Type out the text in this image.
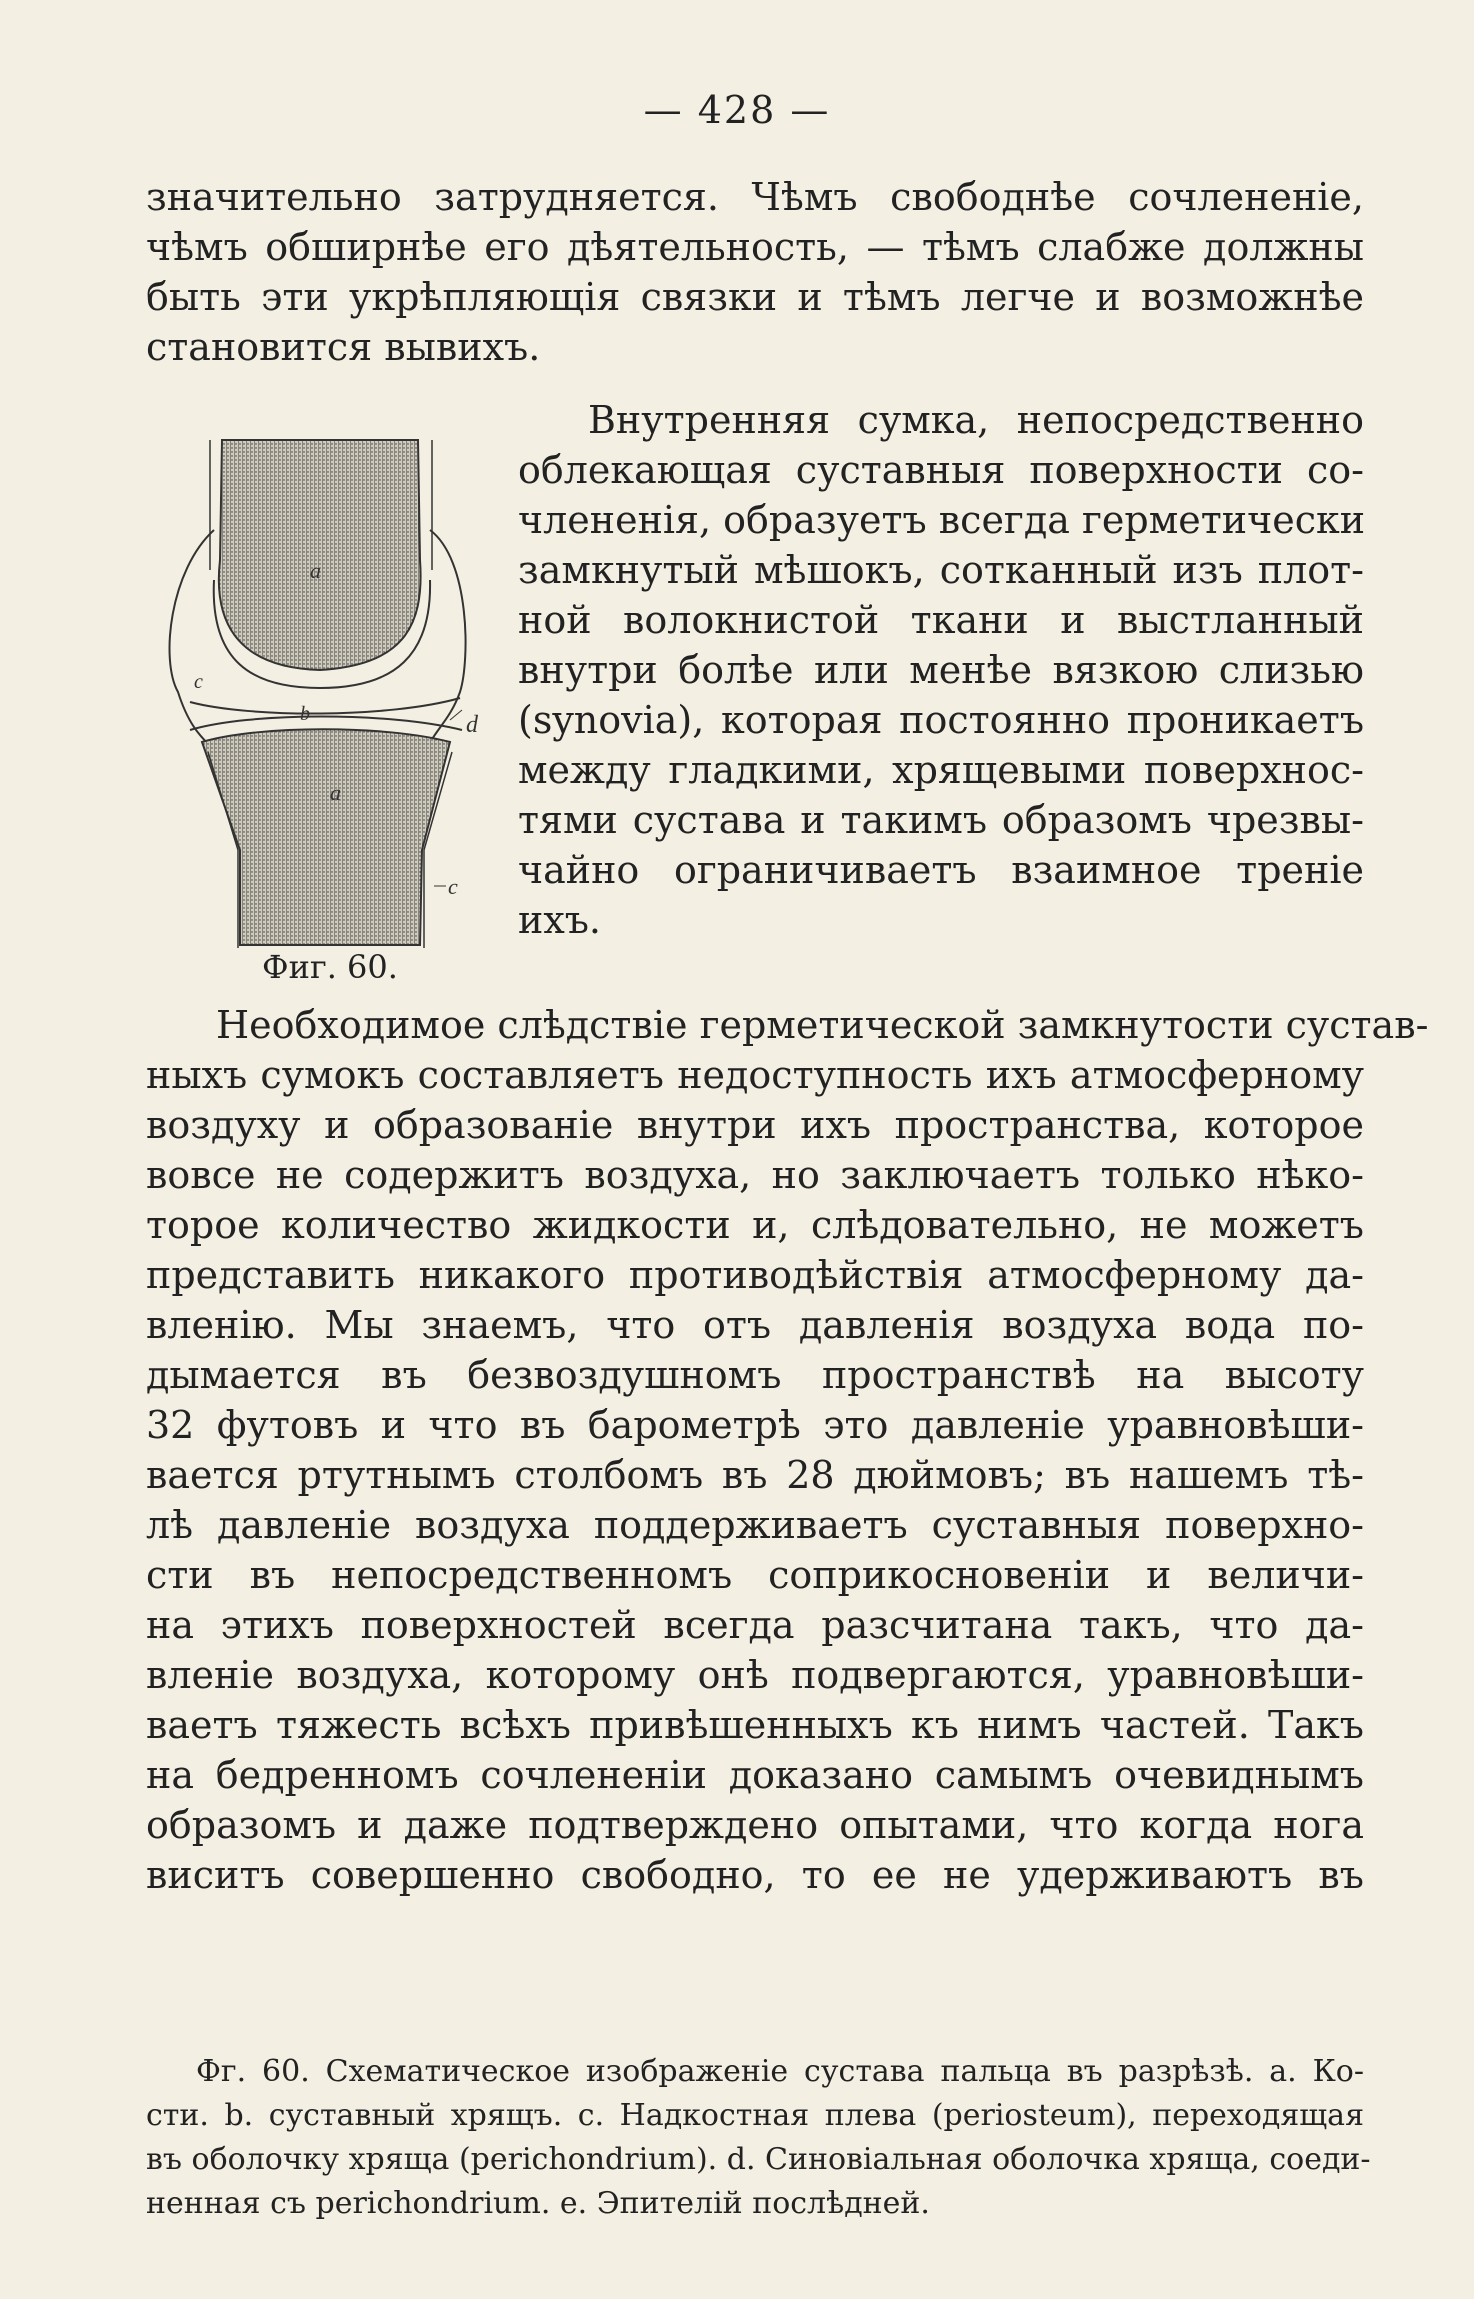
— 428 —
значительно затрудняется. Чѣмъ свободнѣе сочлененіе,
чѣмъ обширнѣе его дѣятельность, — тѣмъ слабже должны
быть эти укрѣпляющія связки и тѣмъ легче и возможнѣе
становится вывихъ.
a
b
c
a
d
c
Фиг. 60.
Внутренняя сумка, непосредственно
облекающая суставныя поверхности со-
члененія, образуетъ всегда герметически
замкнутый мѣшокъ, сотканный изъ плот-
ной волокнистой ткани и выстланный
внутри болѣе или менѣе вязкою слизью
(synovia), которая постоянно проникаетъ
между гладкими, хрящевыми поверхнос-
тями сустава и такимъ образомъ чрезвы-
чайно ограничиваетъ взаимное треніе
ихъ.
Необходимое слѣдствіе герметической замкнутости сустав-
ныхъ сумокъ составляетъ недоступность ихъ атмосферному
воздуху и образованіе внутри ихъ пространства, которое
вовсе не содержитъ воздуха, но заключаетъ только нѣко-
торое количество жидкости и, слѣдовательно, не можетъ
представить никакого противодѣйствія атмосферному да-
вленію. Мы знаемъ, что отъ давленія воздуха вода по-
дымается въ безвоздушномъ пространствѣ на высоту
32 футовъ и что въ барометрѣ это давленіе уравновѣши-
вается ртутнымъ столбомъ въ 28 дюймовъ; въ нашемъ тѣ-
лѣ давленіе воздуха поддерживаетъ суставныя поверхно-
сти въ непосредственномъ соприкосновеніи и величи-
на этихъ поверхностей всегда разсчитана такъ, что да-
вленіе воздуха, которому онѣ подвергаются, уравновѣши-
ваетъ тяжесть всѣхъ привѣшенныхъ къ нимъ частей. Такъ
на бедренномъ сочлененіи доказано самымъ очевиднымъ
образомъ и даже подтверждено опытами, что когда нога
виситъ совершенно свободно, то ее не удерживаютъ въ
Фг. 60. Схематическое изображеніе сустава пальца въ разрѣзѣ. a. Ко-
сти. b. суставный хрящъ. c. Надкостная плева (periosteum), переходящая
въ оболочку хряща (perichondrium). d. Синовіальная оболочка хряща, соеди-
ненная съ perichondrium. e. Эпителій послѣдней.
